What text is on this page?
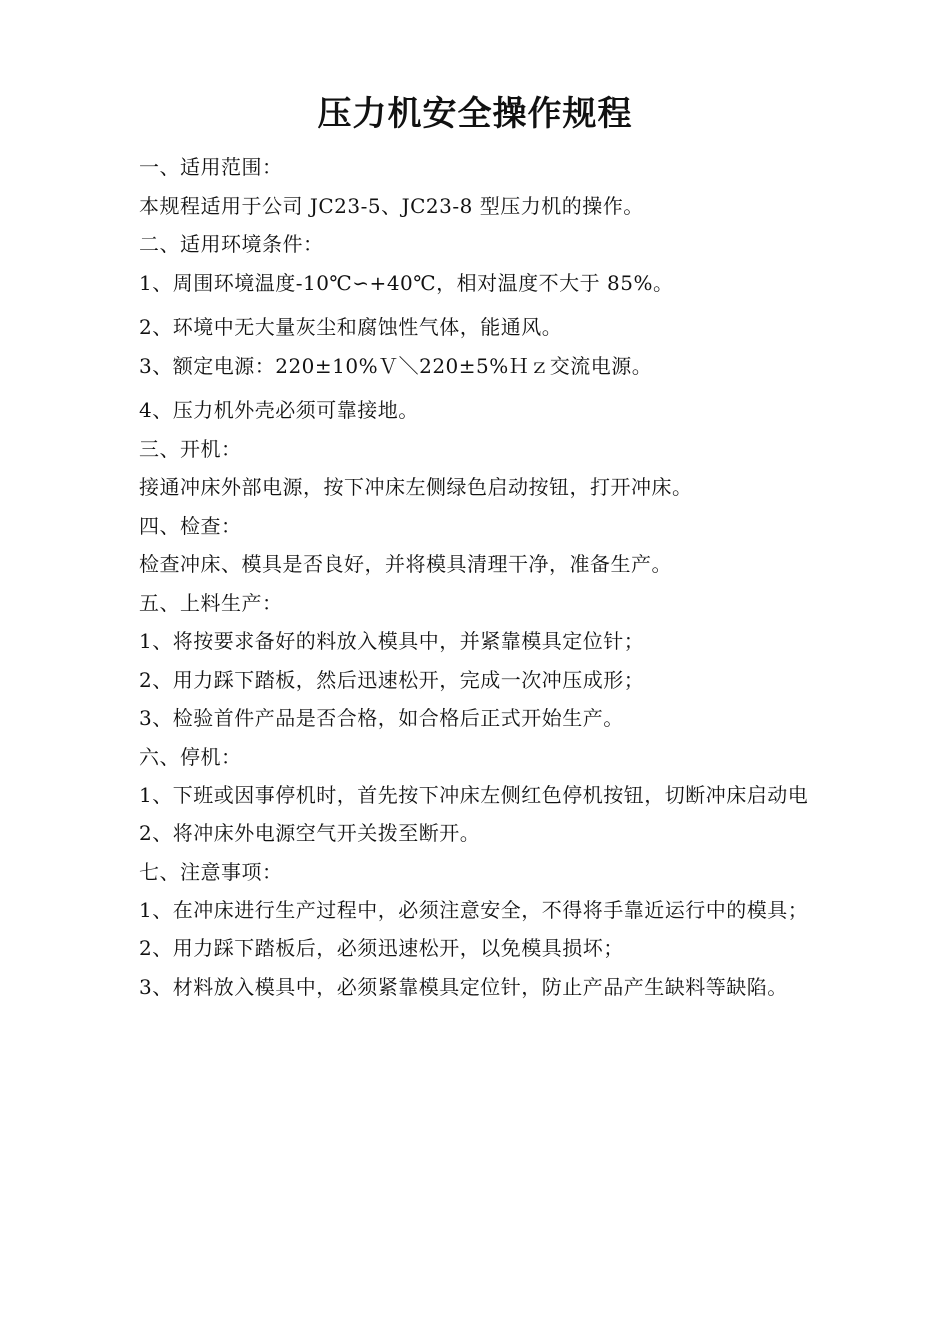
压力机安全操作规程
一、适用范围：
本规程适用于公司 JC23-5、JC23-8 型压力机的操作。
二、适用环境条件：
1、周围环境温度-10℃∽+40℃，相对温度不大于 85%。
2、环境中无大量灰尘和腐蚀性气体，能通风。
3、额定电源：220±10%Ｖ＼220±5%Ｈｚ交流电源。
4、压力机外壳必须可靠接地。
三、开机：
接通冲床外部电源，按下冲床左侧绿色启动按钮，打开冲床。
四、检查：
检查冲床、模具是否良好，并将模具清理干净，准备生产。
五、上料生产：
1、将按要求备好的料放入模具中，并紧靠模具定位针；
2、用力踩下踏板，然后迅速松开，完成一次冲压成形；
3、检验首件产品是否合格，如合格后正式开始生产。
六、停机：
1、下班或因事停机时，首先按下冲床左侧红色停机按钮，切断冲床启动电
2、将冲床外电源空气开关拨至断开。
七、注意事项：
1、在冲床进行生产过程中，必须注意安全，不得将手靠近运行中的模具；
2、用力踩下踏板后，必须迅速松开，以免模具损坏；
3、材料放入模具中，必须紧靠模具定位针，防止产品产生缺料等缺陷。
